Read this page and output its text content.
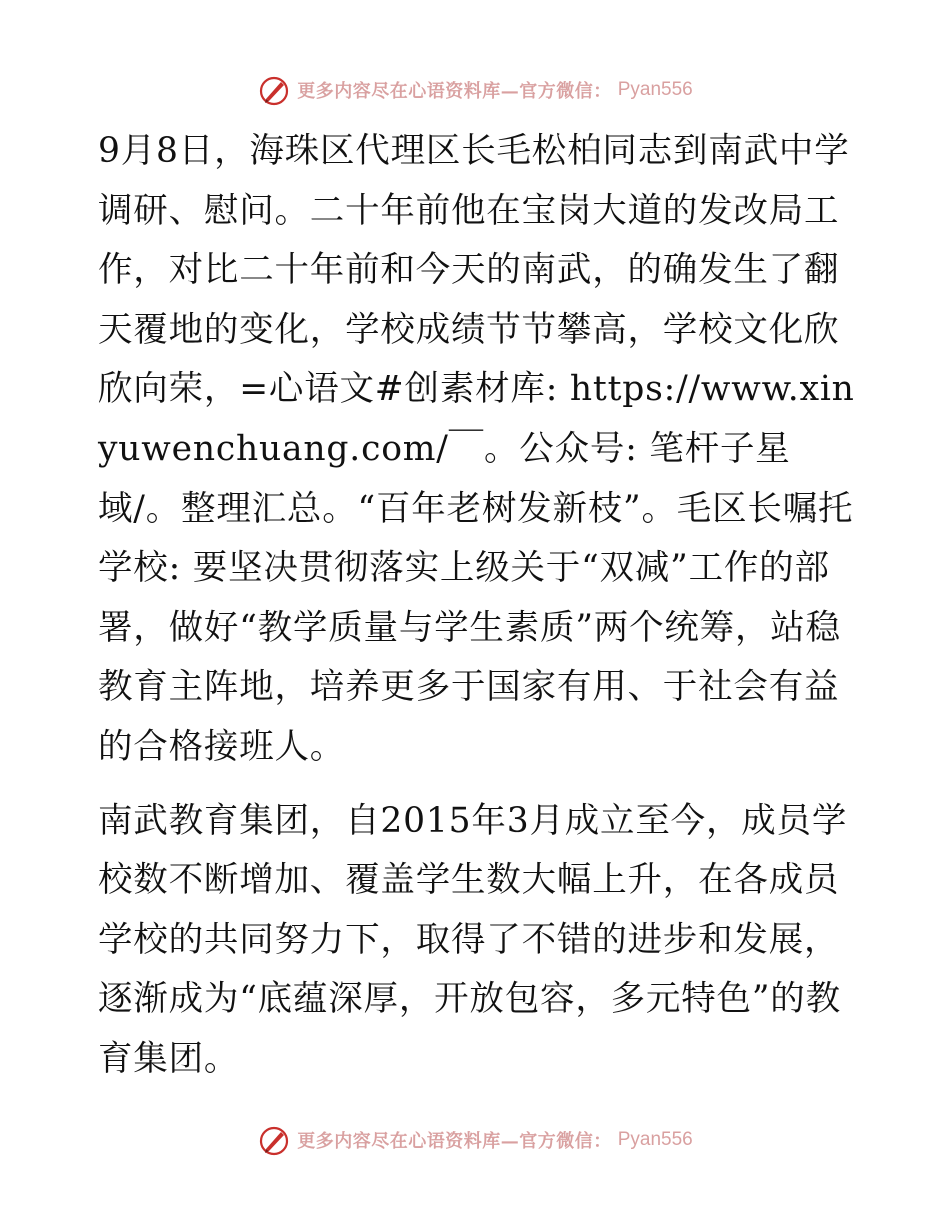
更多内容尽在心语资料库—官方微信： Pyan556

9月8日，海珠区代理区长毛松柏同志到南武中学调研、慰问。二十年前他在宝岗大道的发改局工作，对比二十年前和今天的南武，的确发生了翻天覆地的变化，学校成绩节节攀高，学校文化欣欣向荣，=心语文#创素材库: https://www.xinyuwenchuang.com/￣。公众号: 笔杆子星域/。整理汇总。“百年老树发新枝”。毛区长嘱托学校: 要坚决贯彻落实上级关于“双减”工作的部署，做好“教学质量与学生素质”两个统筹，站稳教育主阵地，培养更多于国家有用、于社会有益的合格接班人。

南武教育集团，自2015年3月成立至今，成员学校数不断增加、覆盖学生数大幅上升，在各成员学校的共同努力下，取得了不错的进步和发展，逐渐成为“底蕴深厚，开放包容，多元特色”的教育集团。

更多内容尽在心语资料库—官方微信： Pyan556
